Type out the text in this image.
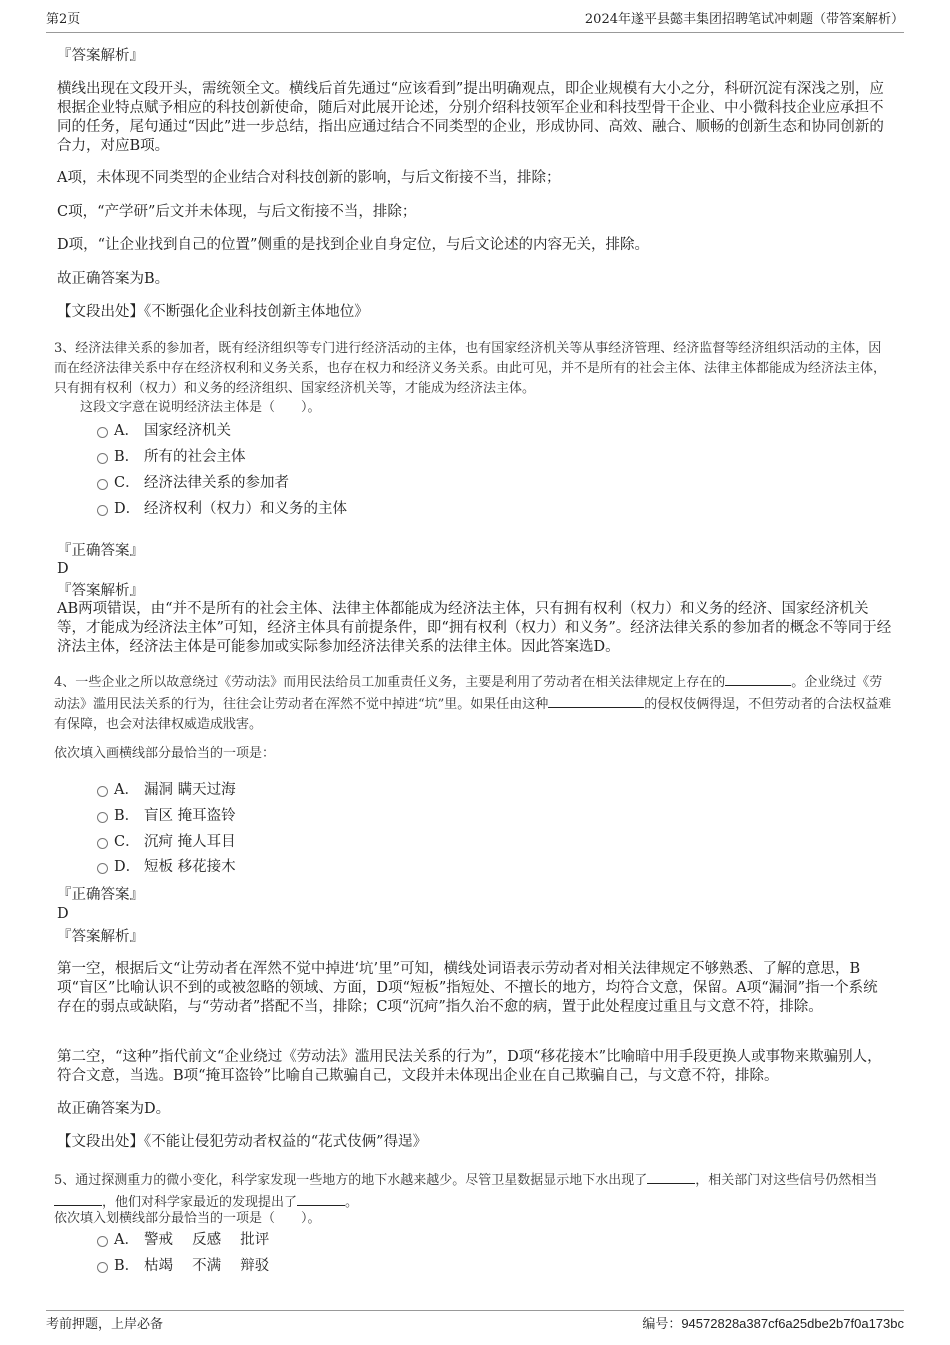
第2页	2024年遂平县懿丰集团招聘笔试冲刺题（带答案解析）
『答案解析』
横线出现在文段开头，需统领全文。横线后首先通过“应该看到”提出明确观点，即企业规模有大小之分，科研沉淀有深浅之别，应根据企业特点赋予相应的科技创新使命，随后对此展开论述，分别介绍科技领军企业和科技型骨干企业、中小微科技企业应承担不同的任务，尾句通过“因此”进一步总结，指出应通过结合不同类型的企业，形成协同、高效、融合、顺畅的创新生态和协同创新的合力，对应B项。
A项，未体现不同类型的企业结合对科技创新的影响，与后文衔接不当，排除；
C项，“产学研”后文并未体现，与后文衔接不当，排除；
D项，“让企业找到自己的位置”侧重的是找到企业自身定位，与后文论述的内容无关，排除。
故正确答案为B。
【文段出处】《不断强化企业科技创新主体地位》
3、经济法律关系的参加者，既有经济组织等专门进行经济活动的主体，也有国家经济机关等从事经济管理、经济监督等经济组织活动的主体，因而在经济法律关系中存在经济权利和义务关系，也存在权力和经济义务关系。由此可见，并不是所有的社会主体、法律主体都能成为经济法主体，只有拥有权利（权力）和义务的经济组织、国家经济机关等，才能成为经济法主体。
这段文字意在说明经济法主体是（　　）。
A． 国家经济机关
B． 所有的社会主体
C． 经济法律关系的参加者
D． 经济权利（权力）和义务的主体
『正确答案』
D
『答案解析』
AB两项错误，由“并不是所有的社会主体、法律主体都能成为经济法主体，只有拥有权利（权力）和义务的经济、国家经济机关等，才能成为经济法主体”可知，经济主体具有前提条件，即“拥有权利（权力）和义务”。经济法律关系的参加者的概念不等同于经济法主体，经济法主体是可能参加或实际参加经济法律关系的法律主体。因此答案选D。
4、一些企业之所以故意绕过《劳动法》而用民法给员工加重责任义务，主要是利用了劳动者在相关法律规定上存在的	。企业绕过《劳动法》滥用民法关系的行为，往往会让劳动者在浑然不觉中掉进“坑”里。如果任由这种	的侵权伎俩得逞，不但劳动者的合法权益难有保障，也会对法律权威造成戕害。
依次填入画横线部分最恰当的一项是：
A． 漏洞 瞒天过海
B． 盲区 掩耳盗铃
C． 沉疴 掩人耳目
D． 短板 移花接木
『正确答案』
D
『答案解析』
第一空，根据后文“让劳动者在浑然不觉中掉进‘坑’里”可知，横线处词语表示劳动者对相关法律规定不够熟悉、了解的意思，B项“盲区”比喻认识不到的或被忽略的领域、方面，D项“短板”指短处、不擅长的地方，均符合文意，保留。A项“漏洞”指一个系统存在的弱点或缺陷，与“劳动者”搭配不当，排除；C项“沉疴”指久治不愈的病，置于此处程度过重且与文意不符，排除。
第二空，“这种”指代前文“企业绕过《劳动法》滥用民法关系的行为”，D项“移花接木”比喻暗中用手段更换人或事物来欺骗别人，符合文意，当选。B项“掩耳盗铃”比喻自己欺骗自己，文段并未体现出企业在自己欺骗自己，与文意不符，排除。
故正确答案为D。
【文段出处】《不能让侵犯劳动者权益的“花式伎俩”得逞》
5、通过探测重力的微小变化，科学家发现一些地方的地下水越来越少。尽管卫星数据显示地下水出现了	，相关部门对这些信号仍然相当，他们对科学家最近的发现提出了	。
依次填入划横线部分最恰当的一项是（　　）。
A． 警戒　 反感　 批评
B． 枯竭　 不满　 辩驳
考前押题，上岸必备	编号：94572828a387cf6a25dbe2b7f0a173bc
